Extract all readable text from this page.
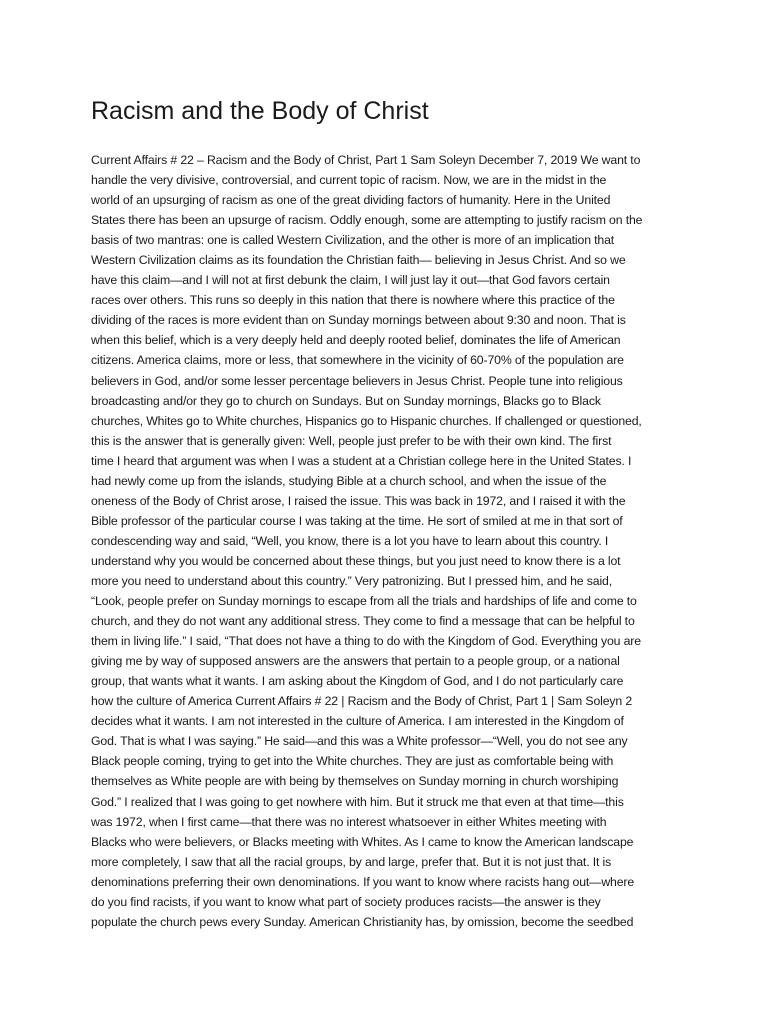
Racism and the Body of Christ
Current Affairs # 22 – Racism and the Body of Christ, Part 1 Sam Soleyn December 7, 2019 We want to
handle the very divisive, controversial, and current topic of racism. Now, we are in the midst in the
world of an upsurging of racism as one of the great dividing factors of humanity. Here in the United
States there has been an upsurge of racism. Oddly enough, some are attempting to justify racism on the
basis of two mantras: one is called Western Civilization, and the other is more of an implication that
Western Civilization claims as its foundation the Christian faith— believing in Jesus Christ. And so we
have this claim—and I will not at first debunk the claim, I will just lay it out—that God favors certain
races over others. This runs so deeply in this nation that there is nowhere where this practice of the
dividing of the races is more evident than on Sunday mornings between about 9:30 and noon. That is
when this belief, which is a very deeply held and deeply rooted belief, dominates the life of American
citizens. America claims, more or less, that somewhere in the vicinity of 60-70% of the population are
believers in God, and/or some lesser percentage believers in Jesus Christ. People tune into religious
broadcasting and/or they go to church on Sundays. But on Sunday mornings, Blacks go to Black
churches, Whites go to White churches, Hispanics go to Hispanic churches. If challenged or questioned,
this is the answer that is generally given: Well, people just prefer to be with their own kind. The first
time I heard that argument was when I was a student at a Christian college here in the United States. I
had newly come up from the islands, studying Bible at a church school, and when the issue of the
oneness of the Body of Christ arose, I raised the issue. This was back in 1972, and I raised it with the
Bible professor of the particular course I was taking at the time. He sort of smiled at me in that sort of
condescending way and said, “Well, you know, there is a lot you have to learn about this country. I
understand why you would be concerned about these things, but you just need to know there is a lot
more you need to understand about this country.” Very patronizing. But I pressed him, and he said,
“Look, people prefer on Sunday mornings to escape from all the trials and hardships of life and come to
church, and they do not want any additional stress. They come to find a message that can be helpful to
them in living life.” I said, “That does not have a thing to do with the Kingdom of God. Everything you are
giving me by way of supposed answers are the answers that pertain to a people group, or a national
group, that wants what it wants. I am asking about the Kingdom of God, and I do not particularly care
how the culture of America Current Affairs # 22 | Racism and the Body of Christ, Part 1 | Sam Soleyn 2
decides what it wants. I am not interested in the culture of America. I am interested in the Kingdom of
God. That is what I was saying.” He said—and this was a White professor—“Well, you do not see any
Black people coming, trying to get into the White churches. They are just as comfortable being with
themselves as White people are with being by themselves on Sunday morning in church worshiping
God.” I realized that I was going to get nowhere with him. But it struck me that even at that time—this
was 1972, when I first came—that there was no interest whatsoever in either Whites meeting with
Blacks who were believers, or Blacks meeting with Whites. As I came to know the American landscape
more completely, I saw that all the racial groups, by and large, prefer that. But it is not just that. It is
denominations preferring their own denominations. If you want to know where racists hang out—where
do you find racists, if you want to know what part of society produces racists—the answer is they
populate the church pews every Sunday. American Christianity has, by omission, become the seedbed
